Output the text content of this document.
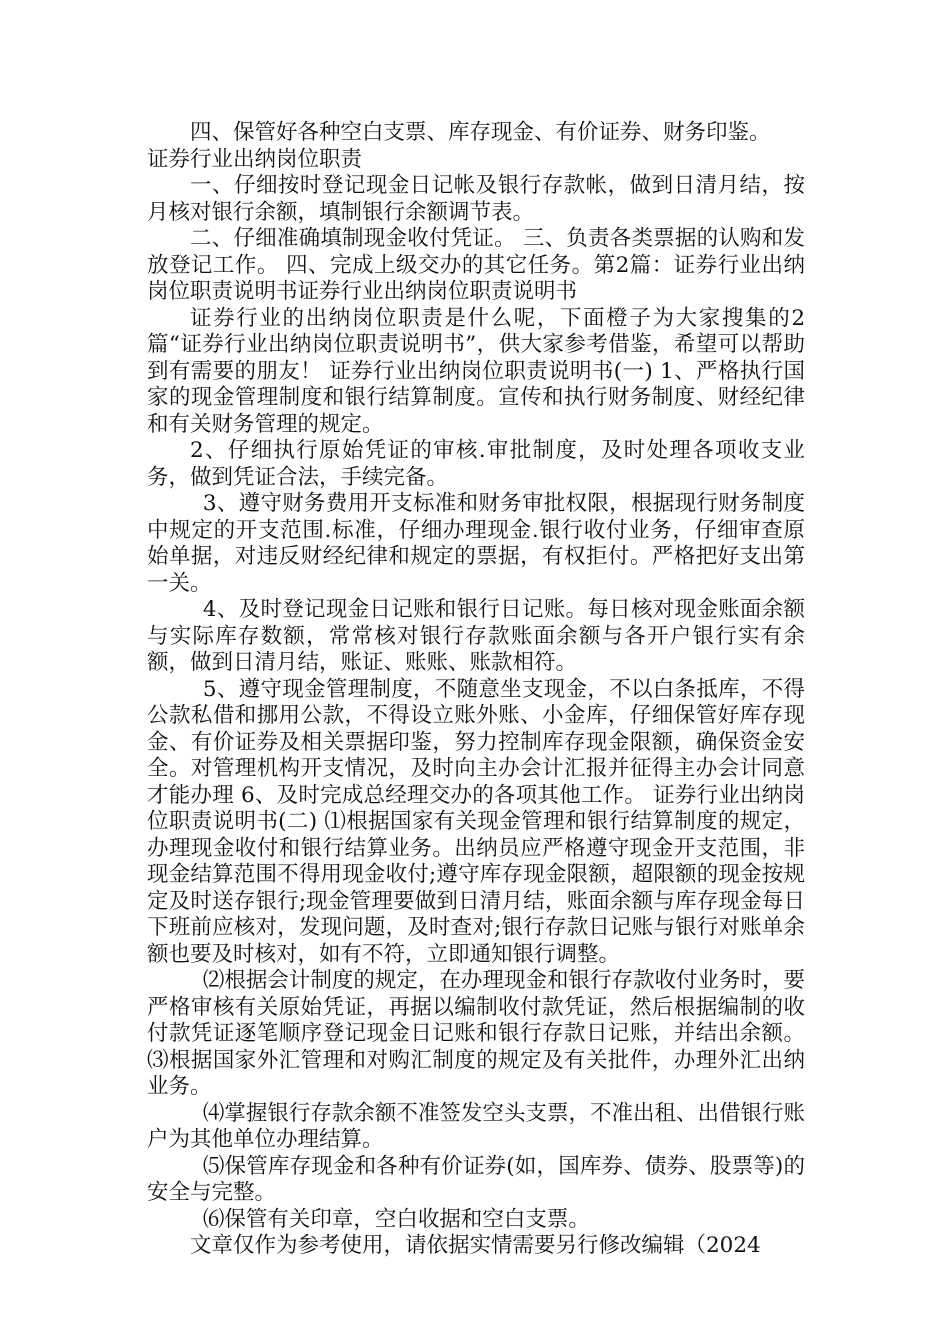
四、保管好各种空白支票、库存现金、有价证券、财务印鉴。

证券行业出纳岗位职责

一、仔细按时登记现金日记帐及银行存款帐，做到日清月结，按月核对银行余额，填制银行余额调节表。

二、仔细准确填制现金收付凭证。 三、负责各类票据的认购和发放登记工作。 四、完成上级交办的其它任务。第2篇：证券行业出纳岗位职责说明书证券行业出纳岗位职责说明书

证券行业的出纳岗位职责是什么呢，下面橙子为大家搜集的2篇“证券行业出纳岗位职责说明书”，供大家参考借鉴，希望可以帮助到有需要的朋友！ 证券行业出纳岗位职责说明书(一) 1、严格执行国家的现金管理制度和银行结算制度。宣传和执行财务制度、财经纪律和有关财务管理的规定。

2、仔细执行原始凭证的审核.审批制度，及时处理各项收支业务，做到凭证合法，手续完备。

3、遵守财务费用开支标准和财务审批权限，根据现行财务制度中规定的开支范围.标准，仔细办理现金.银行收付业务，仔细审查原始单据，对违反财经纪律和规定的票据，有权拒付。严格把好支出第一关。

4、及时登记现金日记账和银行日记账。每日核对现金账面余额与实际库存数额，常常核对银行存款账面余额与各开户银行实有余额，做到日清月结，账证、账账、账款相符。

5、遵守现金管理制度，不随意坐支现金，不以白条抵库，不得公款私借和挪用公款，不得设立账外账、小金库，仔细保管好库存现金、有价证券及相关票据印鉴，努力控制库存现金限额，确保资金安全。对管理机构开支情况，及时向主办会计汇报并征得主办会计同意才能办理 6、及时完成总经理交办的各项其他工作。 证券行业出纳岗位职责说明书(二) ⑴根据国家有关现金管理和银行结算制度的规定，办理现金收付和银行结算业务。出纳员应严格遵守现金开支范围，非现金结算范围不得用现金收付;遵守库存现金限额，超限额的现金按规定及时送存银行;现金管理要做到日清月结，账面余额与库存现金每日下班前应核对，发现问题，及时查对;银行存款日记账与银行对账单余额也要及时核对，如有不符，立即通知银行调整。

⑵根据会计制度的规定，在办理现金和银行存款收付业务时，要严格审核有关原始凭证，再据以编制收付款凭证，然后根据编制的收付款凭证逐笔顺序登记现金日记账和银行存款日记账，并结出余额。 ⑶根据国家外汇管理和对购汇制度的规定及有关批件，办理外汇出纳业务。

⑷掌握银行存款余额不准签发空头支票，不准出租、出借银行账户为其他单位办理结算。

⑸保管库存现金和各种有价证券(如，国库券、债券、股票等)的安全与完整。

⑹保管有关印章，空白收据和空白支票。

文章仅作为参考使用，请依据实情需要另行修改编辑（2024
